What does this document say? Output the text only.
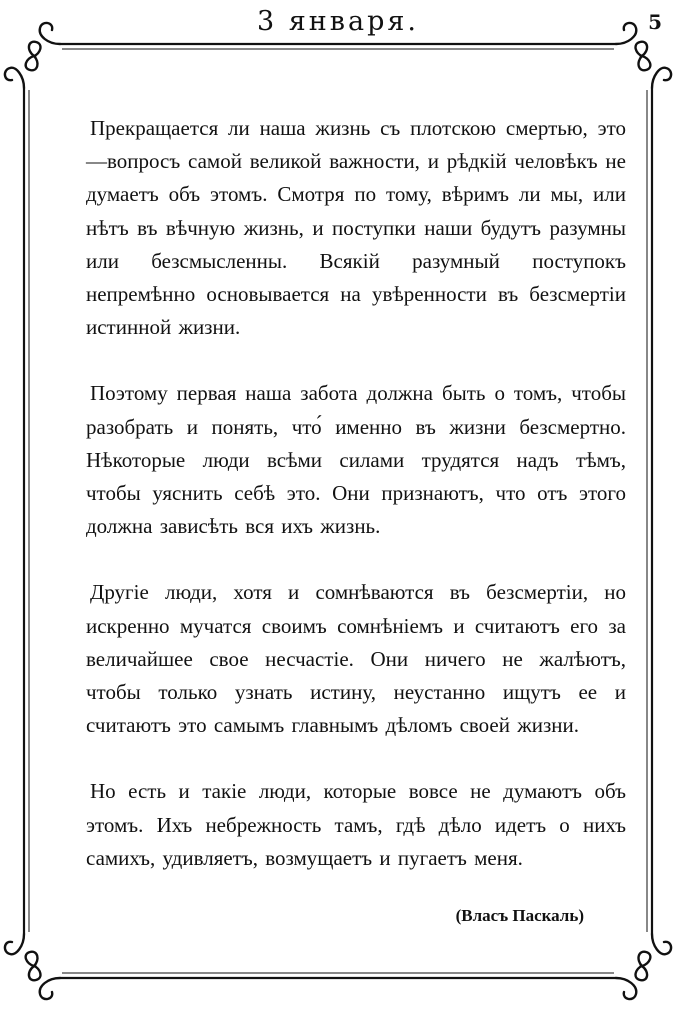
3 января.	5

Прекращается ли наша жизнь съ плотскою смертью, это—вопросъ самой великой важности, и рѣдкій человѣкъ не думаетъ объ этомъ. Смотря по тому, вѣримъ ли мы, или нѣтъ въ вѣчную жизнь, и поступки наши будутъ разумны или безсмысленны. Всякій разумный поступокъ непремѣнно основывается на увѣренности въ безсмертіи истинной жизни.

Поэтому первая наша забота должна быть о томъ, чтобы разобрать и понять, что́ именно въ жизни безсмертно. Нѣкоторые люди всѣми силами трудятся надъ тѣмъ, чтобы уяснить себѣ это. Они признаютъ, что отъ этого должна зависѣть вся ихъ жизнь.

Другіе люди, хотя и сомнѣваются въ безсмертіи, но искренно мучатся своимъ сомнѣніемъ и считаютъ его за величайшее свое несчастіе. Они ничего не жалѣютъ, чтобы только узнать истину, неустанно ищутъ ее и считаютъ это самымъ главнымъ дѣломъ своей жизни.

Но есть и такіе люди, которые вовсе не думаютъ объ этомъ. Ихъ небрежность тамъ, гдѣ дѣло идетъ о нихъ самихъ, удивляетъ, возмущаетъ и пугаетъ меня.

(Власъ Паскаль)
